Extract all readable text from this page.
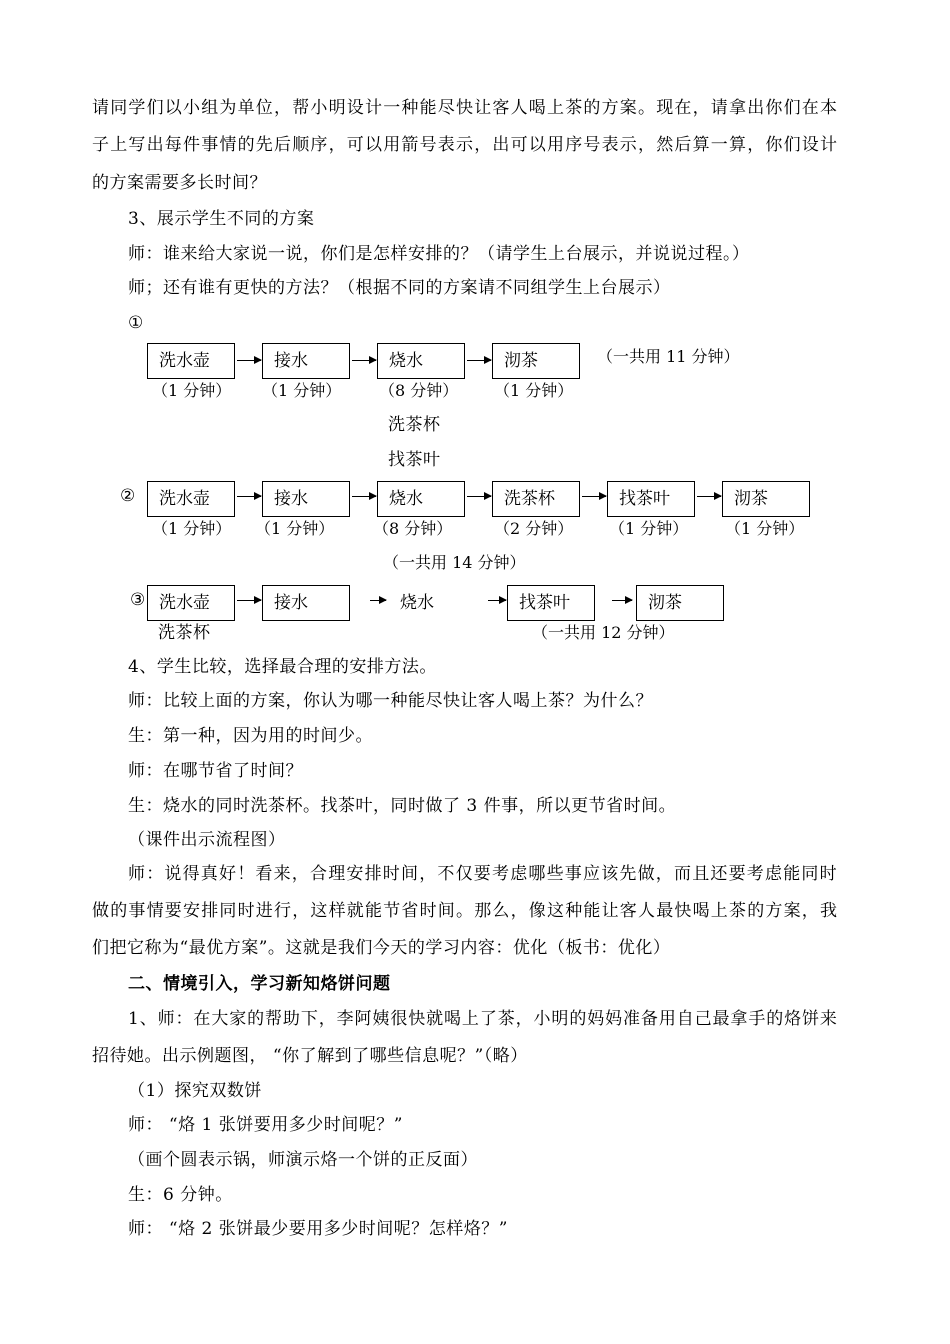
请同学们以小组为单位，帮小明设计一种能尽快让客人喝上茶的方案。现在，请拿出你们在本
子上写出每件事情的先后顺序，可以用箭号表示，出可以用序号表示，然后算一算，你们设计
的方案需要多长时间？
3、展示学生不同的方案
师：谁来给大家说一说，你们是怎样安排的？（请学生上台展示，并说说过程。）
师；还有谁有更快的方法？（根据不同的方案请不同组学生上台展示）
①
洗水壶	接水	烧水	沏茶	（一共用 11 分钟）
（1 分钟） （1 分钟） （8 分钟） （1 分钟）
洗茶杯
找茶叶
②	洗水壶	接水	烧水	洗茶杯	找茶叶	沏茶
（1 分钟） （1 分钟） （8 分钟）	（2 分钟） （1 分钟） （1 分钟）
（一共用 14 分钟）
③ 洗水壶	接水	烧水	找茶叶	沏茶
洗茶杯	（一共用 12 分钟）
4、学生比较，选择最合理的安排方法。
师：比较上面的方案，你认为哪一种能尽快让客人喝上茶？为什么？
生：第一种，因为用的时间少。
师：在哪节省了时间？
生：烧水的同时洗茶杯。找茶叶，同时做了 3 件事，所以更节省时间。
（课件出示流程图）
师：说得真好！看来，合理安排时间，不仅要考虑哪些事应该先做，而且还要考虑能同时
做的事情要安排同时进行，这样就能节省时间。那么，像这种能让客人最快喝上茶的方案，我
们把它称为“最优方案”。这就是我们今天的学习内容：优化（板书：优化）
二、情境引入，学习新知烙饼问题
1、师：在大家的帮助下，李阿姨很快就喝上了茶，小明的妈妈准备用自己最拿手的烙饼来
招待她。出示例题图， “你了解到了哪些信息呢？”（略）
（1）探究双数饼
师： “烙 1 张饼要用多少时间呢？”
（画个圆表示锅，师演示烙一个饼的正反面）
生：6 分钟。
师： “烙 2 张饼最少要用多少时间呢？怎样烙？”
